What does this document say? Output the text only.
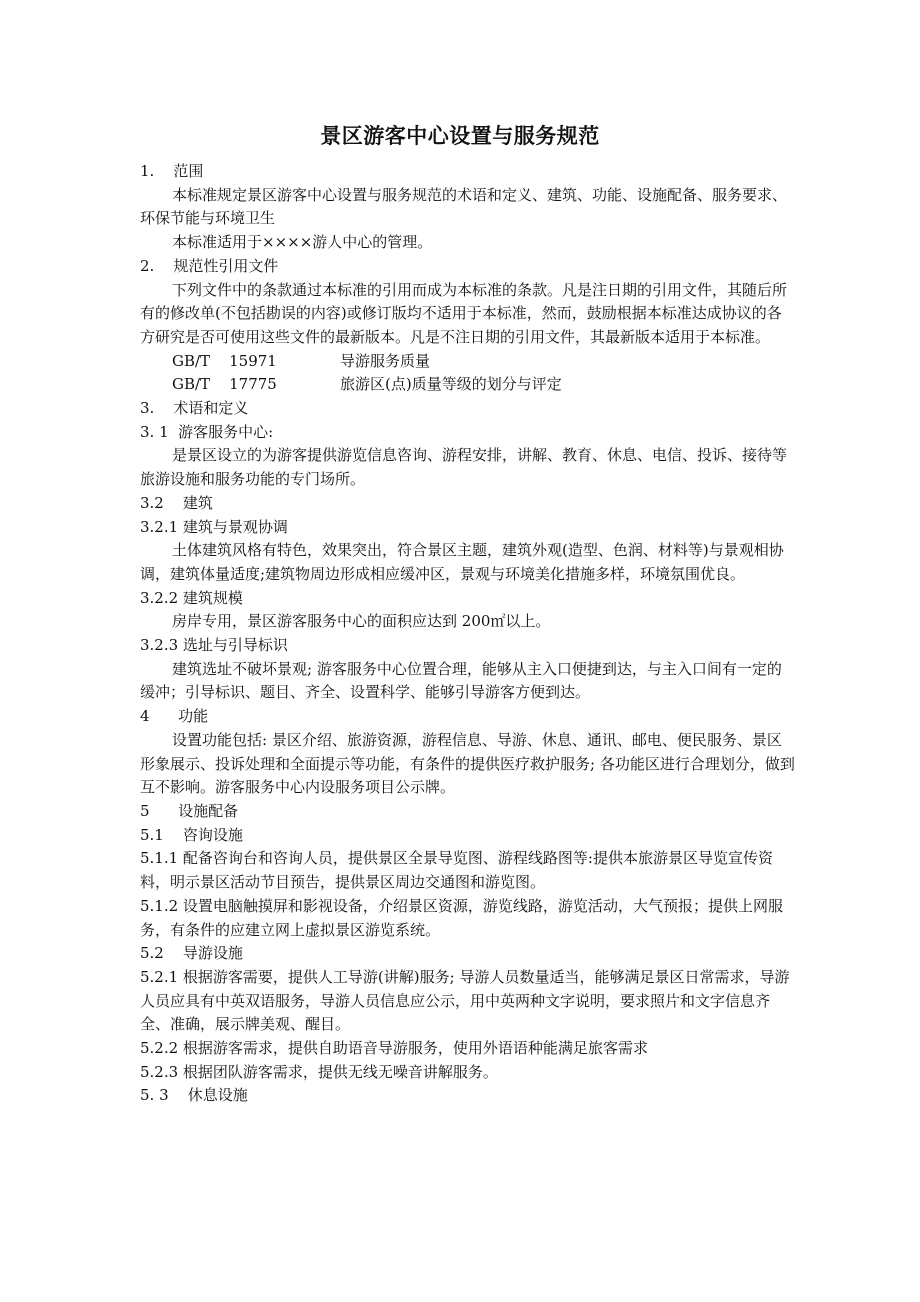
景区游客中心设置与服务规范

1.    范围

本标准规定景区游客中心设置与服务规范的术语和定义、建筑、功能、设施配备、服务要求、环保节能与环境卫生

本标准适用于××××游人中心的管理。

2.    规范性引用文件

下列文件中的条款通过本标准的引用而成为本标准的条款。凡是注日期的引用文件，其随后所有的修改单(不包括勘误的内容)或修订版均不适用于本标准，然而，鼓励根据本标准达成协议的各方研究是否可使用这些文件的最新版本。凡是不注日期的引用文件，其最新版本适用于本标准。

GB/T    15971	导游服务质量

GB/T    17775	旅游区(点)质量等级的划分与评定

3.    术语和定义

3. 1  游客服务中心:

是景区设立的为游客提供游览信息咨询、游程安排，讲解、教育、休息、电信、投诉、接待等旅游设施和服务功能的专门场所。

3.2    建筑

3.2.1 建筑与景观协调

土体建筑风格有特色，效果突出，符合景区主题，建筑外观(造型、色润、材料等)与景观相协调，建筑体量适度;建筑物周边形成相应缓冲区，景观与环境美化措施多样，环境氛围优良。

3.2.2 建筑规模

房岸专用，景区游客服务中心的面积应达到 200㎡以上。

3.2.3 选址与引导标识

建筑选址不破坏景观; 游客服务中心位置合理，能够从主入口便捷到达，与主入口间有一定的缓冲；引导标识、题目、齐全、设置科学、能够引导游客方便到达。

4      功能

设置功能包括: 景区介绍、旅游资源，游程信息、导游、休息、通讯、邮电、便民服务、景区形象展示、投诉处理和全面提示等功能，有条件的提供医疗救护服务; 各功能区进行合理划分，做到互不影响。游客服务中心内设服务项目公示牌。

5      设施配备

5.1    咨询设施

5.1.1 配备咨询台和咨询人员，提供景区全景导览图、游程线路图等:提供本旅游景区导览宣传资料，明示景区活动节目预告，提供景区周边交通图和游览图。

5.1.2 设置电脑触摸屏和影视设备，介绍景区资源，游览线路，游览活动，大气预报；提供上网服务，有条件的应建立网上虚拟景区游览系统。

5.2    导游设施

5.2.1 根据游客需要，提供人工导游(讲解)服务; 导游人员数量适当，能够满足景区日常需求，导游人员应具有中英双语服务，导游人员信息应公示，用中英两种文字说明，要求照片和文字信息齐全、准确，展示牌美观、醒目。

5.2.2 根据游客需求，提供自助语音导游服务，使用外语语种能满足旅客需求

5.2.3 根据团队游客需求，提供无线无噪音讲解服务。

5. 3    休息设施
